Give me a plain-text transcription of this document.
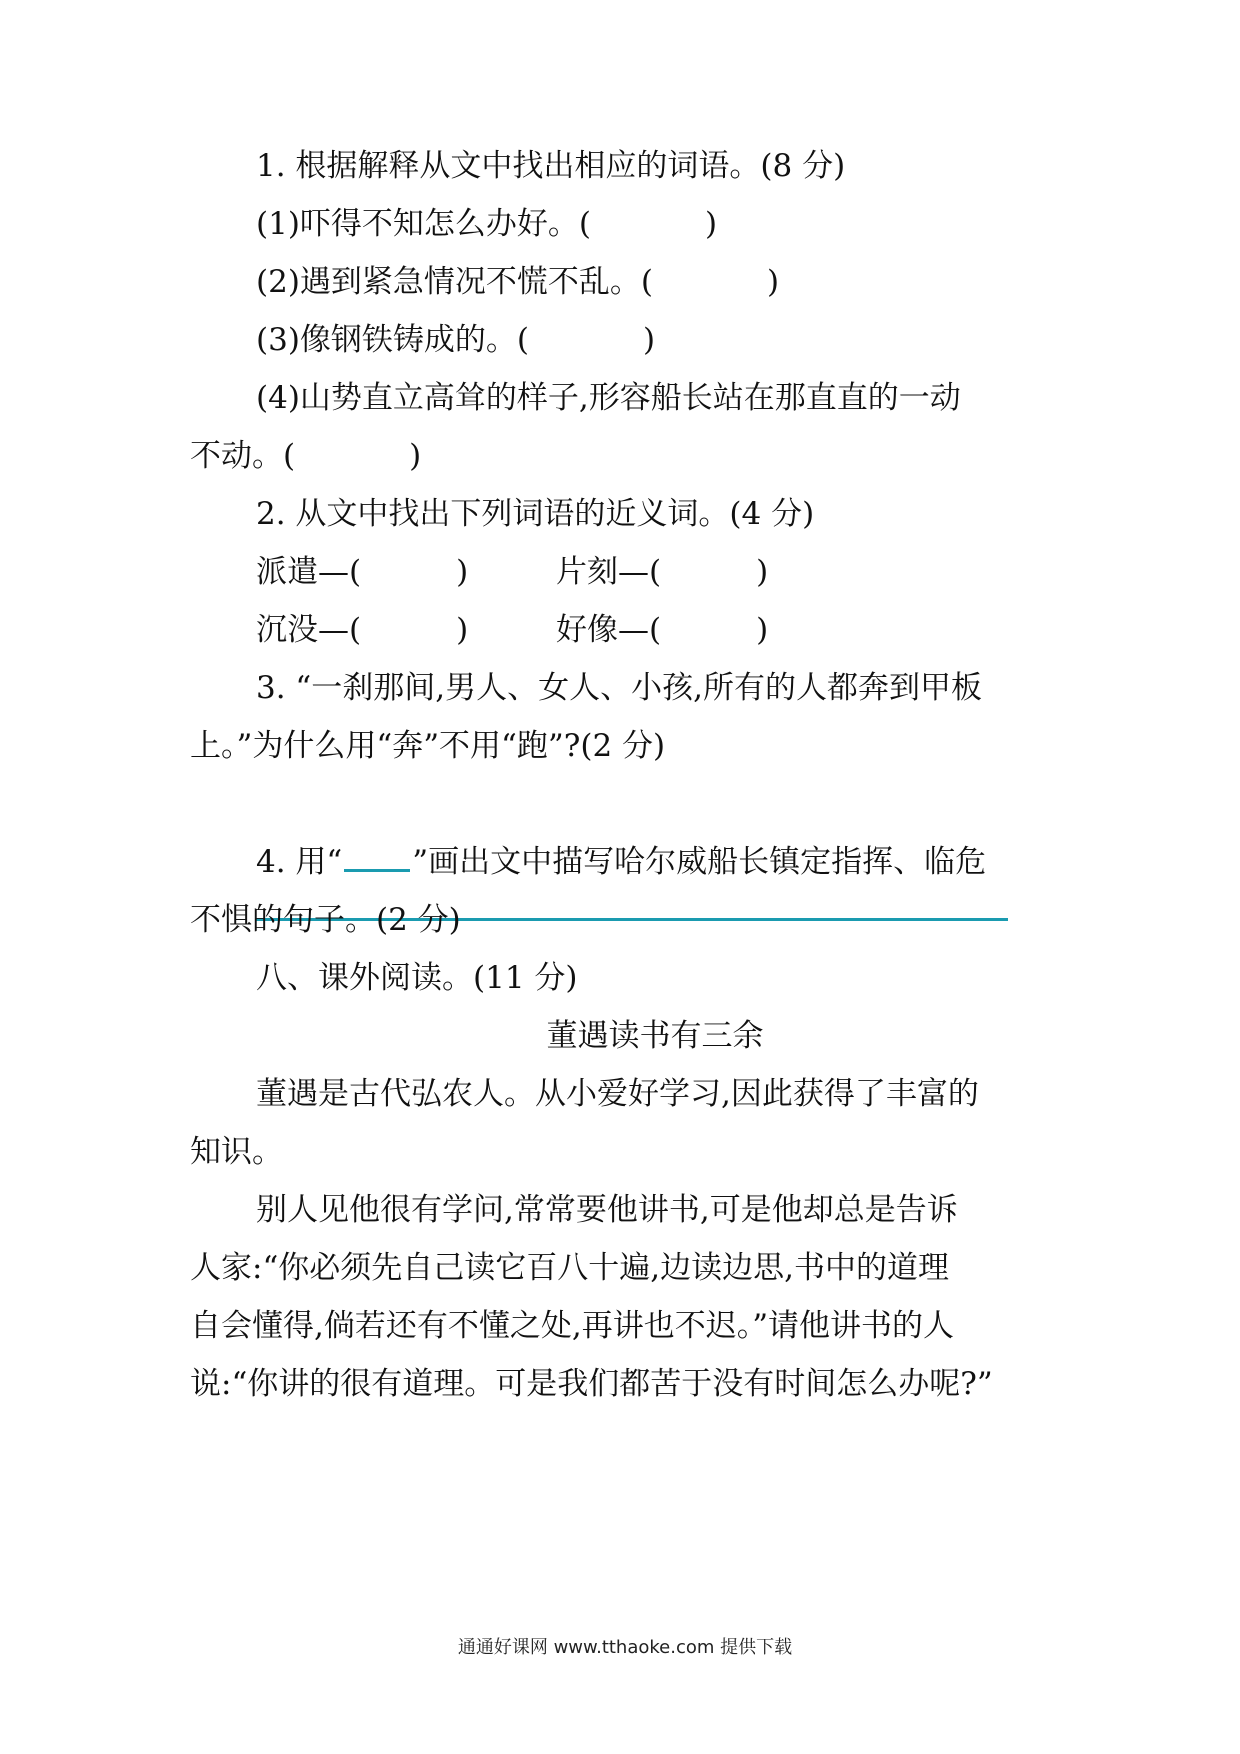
1. 根据解释从文中找出相应的词语。(8 分)
(1)吓得不知怎么办好。(	)
(2)遇到紧急情况不慌不乱。(	)
(3)像钢铁铸成的。(	)
(4)山势直立高耸的样子,形容船长站在那直直的一动
不动。(	)
2. 从文中找出下列词语的近义词。(4 分)
派遣—(	)	片刻—(	)
沉没—(	)	好像—(	)
3. “一刹那间,男人、女人、小孩,所有的人都奔到甲板
上。”为什么用“奔”不用“跑”?(2 分)
4. 用“ ”画出文中描写哈尔威船长镇定指挥、临危
不惧的句子。(2 分)
八、课外阅读。(11 分)
董遇读书有三余
董遇是古代弘农人。从小爱好学习,因此获得了丰富的
知识。
别人见他很有学问,常常要他讲书,可是他却总是告诉
人家:“你必须先自己读它百八十遍,边读边思,书中的道理
自会懂得,倘若还有不懂之处,再讲也不迟。”请他讲书的人
说:“你讲的很有道理。可是我们都苦于没有时间怎么办呢?”
通通好课网 www.tthaoke.com 提供下载
